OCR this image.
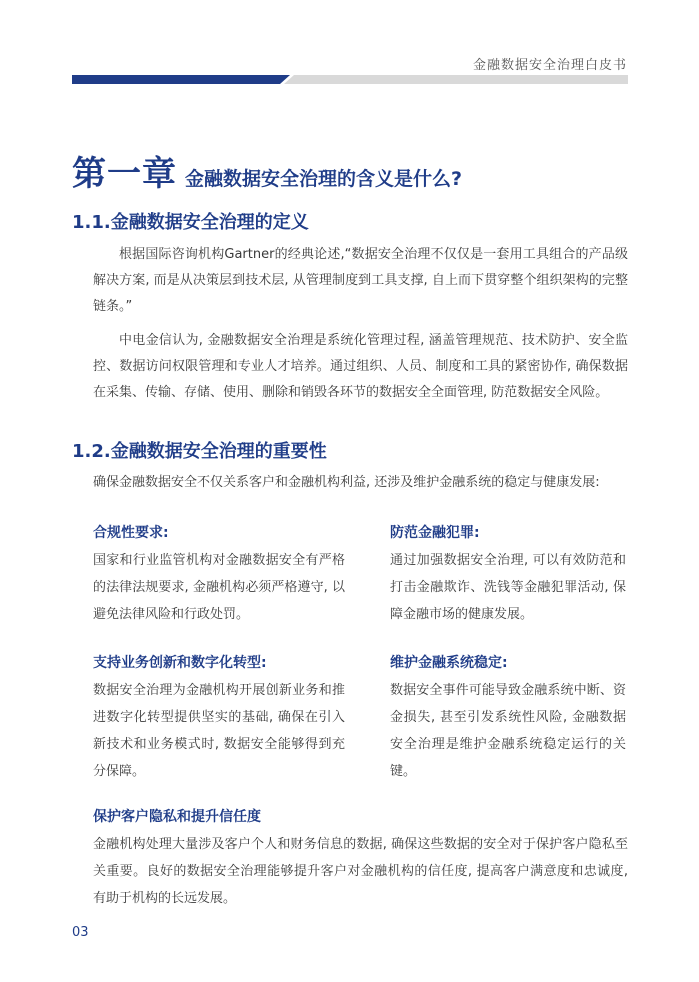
金融数据安全治理白皮书
第一章 金融数据安全治理的含义是什么?
1.1.金融数据安全治理的定义
根据国际咨询机构Gartner的经典论述,“数据安全治理不仅仅是一套用工具组合的产品级解决方案, 而是从决策层到技术层, 从管理制度到工具支撑, 自上而下贯穿整个组织架构的完整链条。”
中电金信认为, 金融数据安全治理是系统化管理过程, 涵盖管理规范、技术防护、安全监控、数据访问权限管理和专业人才培养。通过组织、人员、制度和工具的紧密协作, 确保数据在采集、传输、存储、使用、删除和销毁各环节的数据安全全面管理, 防范数据安全风险。
1.2.金融数据安全治理的重要性
确保金融数据安全不仅关系客户和金融机构利益, 还涉及维护金融系统的稳定与健康发展:
合规性要求:
国家和行业监管机构对金融数据安全有严格的法律法规要求, 金融机构必须严格遵守, 以避免法律风险和行政处罚。
防范金融犯罪:
通过加强数据安全治理, 可以有效防范和打击金融欺诈、洗钱等金融犯罪活动, 保障金融市场的健康发展。
支持业务创新和数字化转型:
数据安全治理为金融机构开展创新业务和推进数字化转型提供坚实的基础, 确保在引入新技术和业务模式时, 数据安全能够得到充分保障。
维护金融系统稳定:
数据安全事件可能导致金融系统中断、资金损失, 甚至引发系统性风险, 金融数据安全治理是维护金融系统稳定运行的关键。
保护客户隐私和提升信任度
金融机构处理大量涉及客户个人和财务信息的数据, 确保这些数据的安全对于保护客户隐私至关重要。良好的数据安全治理能够提升客户对金融机构的信任度, 提高客户满意度和忠诚度, 有助于机构的长远发展。
03
